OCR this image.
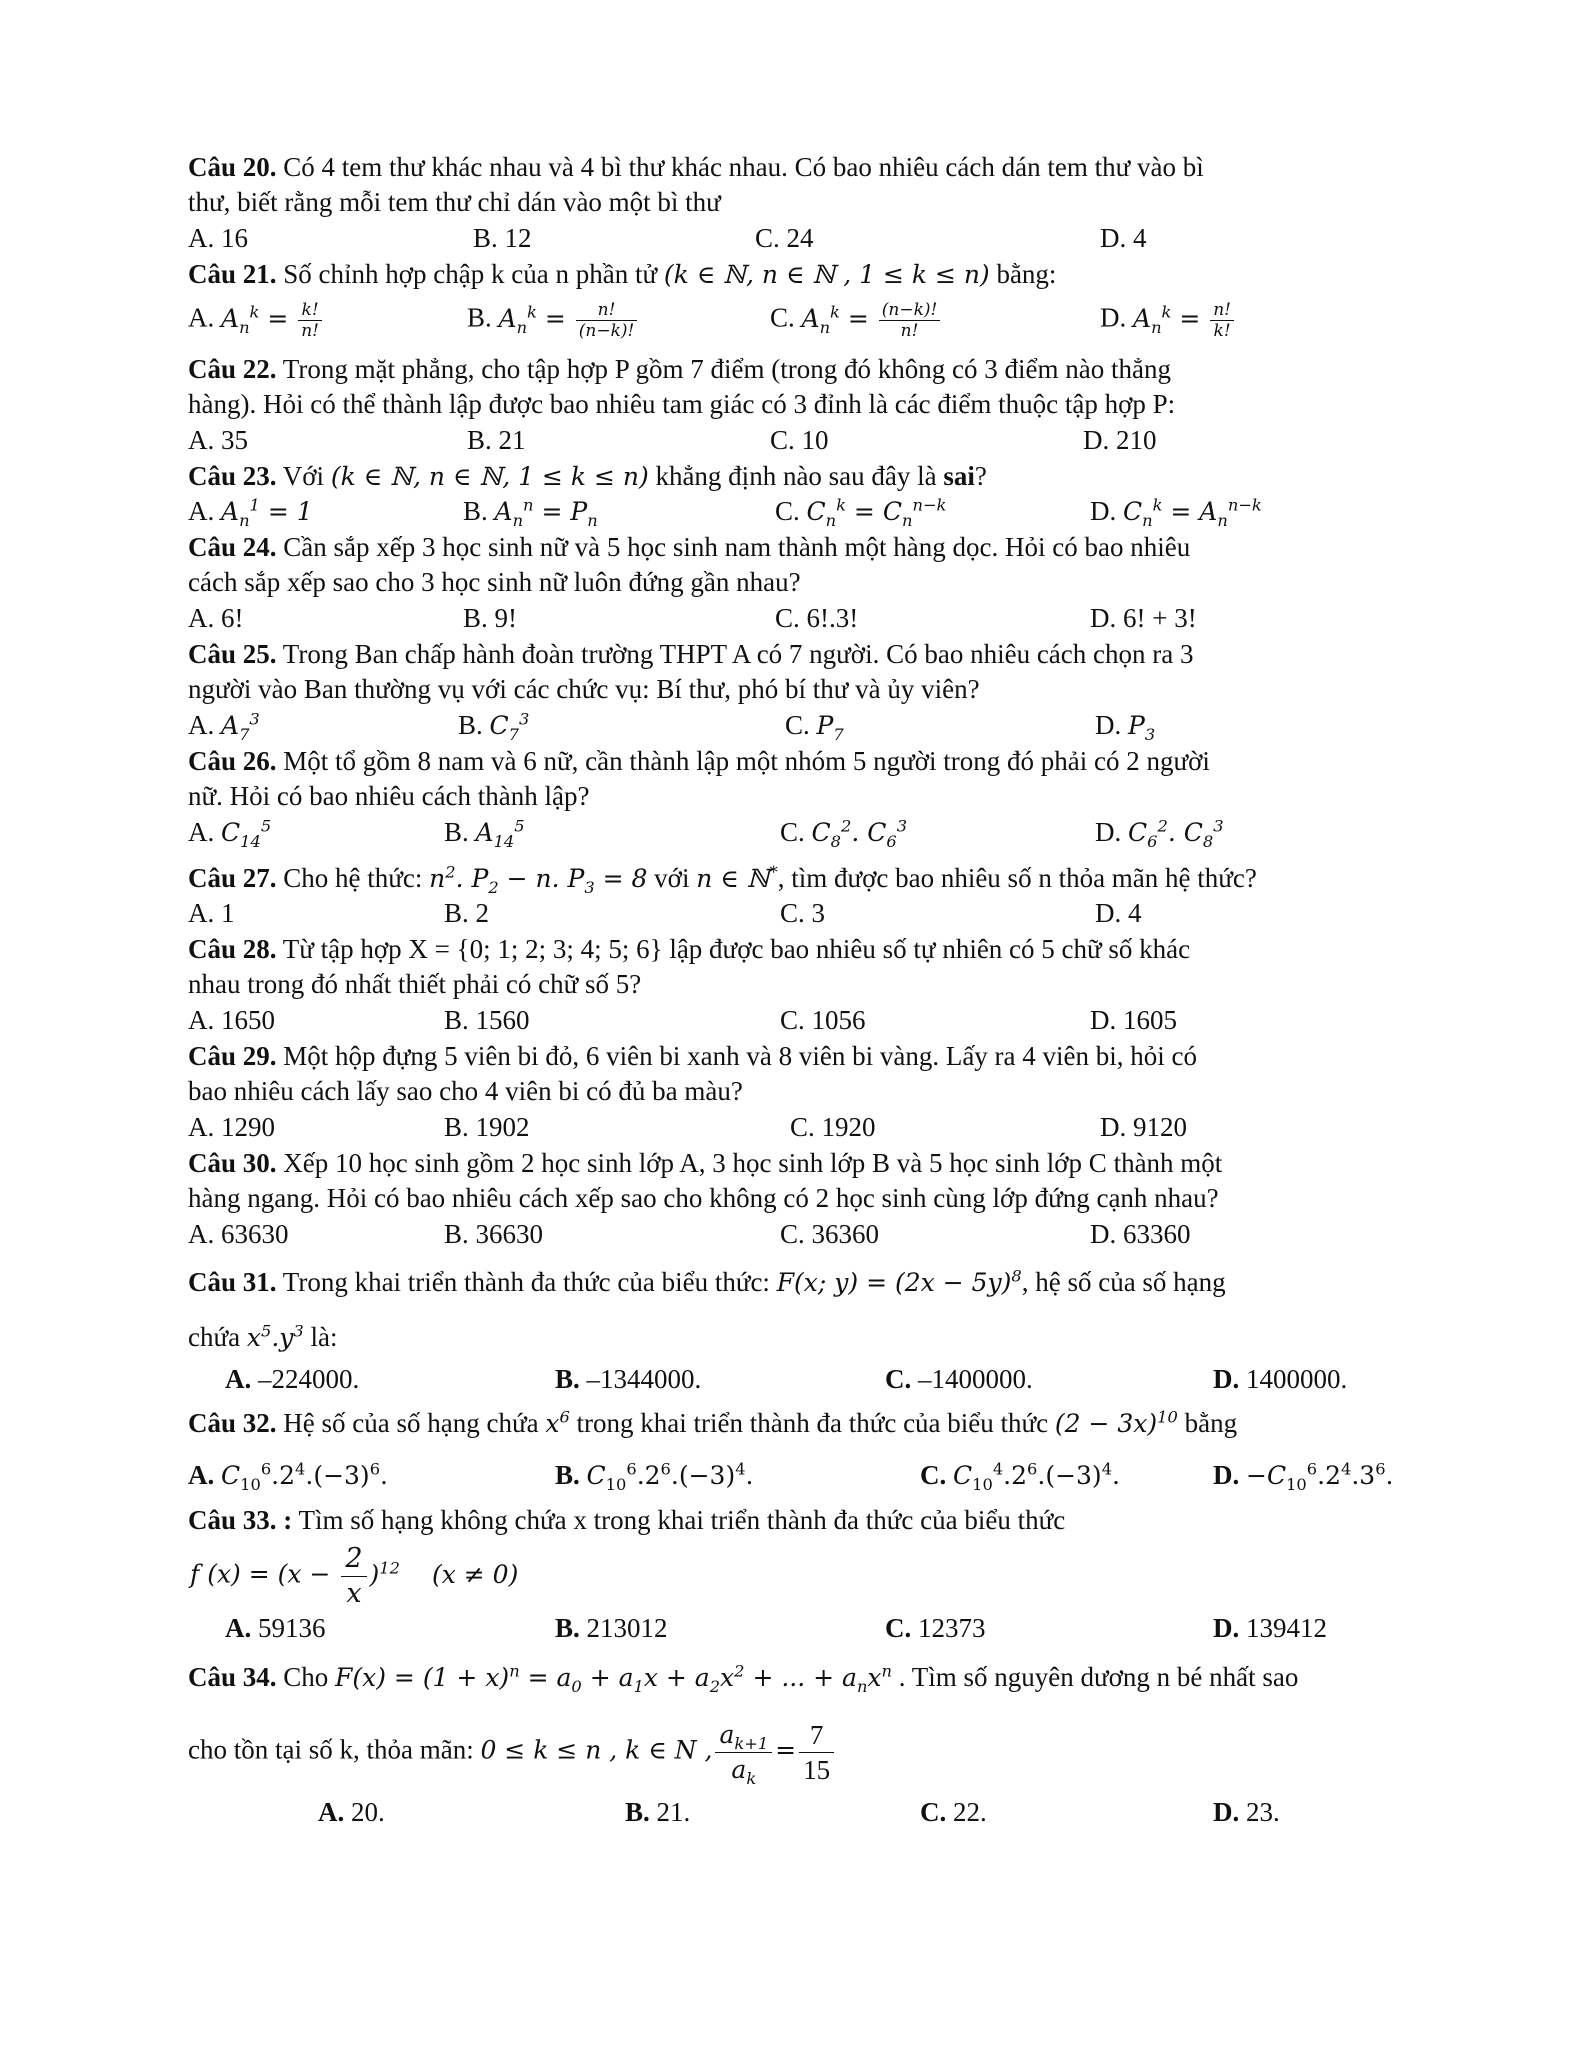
Câu 20. Có 4 tem thư khác nhau và 4 bì thư khác nhau. Có bao nhiêu cách dán tem thư vào bì
thư, biết rằng mỗi tem thư chỉ dán vào một bì thư
A. 16	B. 12	C. 24	D. 4
Câu 21. Số chỉnh hợp chập k của n phần tử (k ∈ ℕ, n ∈ ℕ , 1 ≤ k ≤ n) bằng:
A. $A_n^k = \frac{k!}{n!}$	B. $A_n^k = \frac{n!}{(n-k)!}$	C. $A_n^k = \frac{(n-k)!}{n!}$	D. $A_n^k = \frac{n!}{k!}$
Câu 22. Trong mặt phẳng, cho tập hợp P gồm 7 điểm (trong đó không có 3 điểm nào thẳng
hàng). Hỏi có thể thành lập được bao nhiêu tam giác có 3 đỉnh là các điểm thuộc tập hợp P:
A. 35	B. 21	C. 10	D. 210
Câu 23. Với (k ∈ ℕ, n ∈ ℕ, 1 ≤ k ≤ n) khẳng định nào sau đây là sai?
A. $A_n^1 = 1$	B. $A_n^n = P_n$	C. $C_n^k = C_n^{n-k}$	D. $C_n^k = A_n^{n-k}$
Câu 24. Cần sắp xếp 3 học sinh nữ và 5 học sinh nam thành một hàng dọc. Hỏi có bao nhiêu
cách sắp xếp sao cho 3 học sinh nữ luôn đứng gần nhau?
A. 6!	B. 9!	C. 6!.3!	D. 6! + 3!
Câu 25. Trong Ban chấp hành đoàn trường THPT A có 7 người. Có bao nhiêu cách chọn ra 3
người vào Ban thường vụ với các chức vụ: Bí thư, phó bí thư và ủy viên?
A. $A_7^3$	B. $C_7^3$	C. $P_7$	D. $P_3$
Câu 26. Một tổ gồm 8 nam và 6 nữ, cần thành lập một nhóm 5 người trong đó phải có 2 người
nữ. Hỏi có bao nhiêu cách thành lập?
A. $C_{14}^5$	B. $A_{14}^5$	C. $C_8^2$. $C_6^3$	D. $C_6^2$. $C_8^3$
Câu 27. Cho hệ thức: $n^2$. $P_2 - n$. $P_3 = 8$ với n ∈ ℕ*, tìm được bao nhiêu số n thỏa mãn hệ thức?
A. 1	B. 2	C. 3	D. 4
Câu 28. Từ tập hợp X = {0; 1; 2; 3; 4; 5; 6} lập được bao nhiêu số tự nhiên có 5 chữ số khác
nhau trong đó nhất thiết phải có chữ số 5?
A. 1650	B. 1560	C. 1056	D. 1605
Câu 29. Một hộp đựng 5 viên bi đỏ, 6 viên bi xanh và 8 viên bi vàng. Lấy ra 4 viên bi, hỏi có
bao nhiêu cách lấy sao cho 4 viên bi có đủ ba màu?
A. 1290	B. 1902	C. 1920	D. 9120
Câu 30. Xếp 10 học sinh gồm 2 học sinh lớp A, 3 học sinh lớp B và 5 học sinh lớp C thành một
hàng ngang. Hỏi có bao nhiêu cách xếp sao cho không có 2 học sinh cùng lớp đứng cạnh nhau?
A. 63630	B. 36630	C. 36360	D. 63360
Câu 31. Trong khai triển thành đa thức của biểu thức: F(x; $y) = (2x - 5y)^8$, hệ số của số hạng
chứa $x^5.y^3$ là:
A. –224000.	B. –1344000.	C. –1400000.	D. 1400000.
Câu 32. Hệ số của số hạng chứa $x^6$ trong khai triển thành đa thức của biểu thức $(2 - 3x)^{10}$ bằng
A. $C_{10}^6.2^4.(-3)^6$.	B. $C_{10}^6.2^6.(-3)^4$.	C. $C_{10}^4.2^6.(-3)^4$.	D. $-C_{10}^6.2^4.3^6$.
Câu 33. : Tìm số hạng không chứa x trong khai triển thành đa thức của biểu thức
f $(x) = (x - \frac{2}{x} )^{12}$ (x ≠ 0)
A. 59136	B. 213012	C. 12373	D. 139412
Câu 34. Cho $F(x) = (1 + x)^n = a_0 + a_1x + a_2x^2$ + ... + $a_nx^n$ . Tìm số nguyên dương n bé nhất sao
cho tồn tại số k, thỏa mãn: 0 ≤ k ≤ n , k ∈ N , $\frac{a_{k+1}}{a_k} = \frac{7}{15}$
A. 20.	B. 21.	C. 22.	D. 23.
